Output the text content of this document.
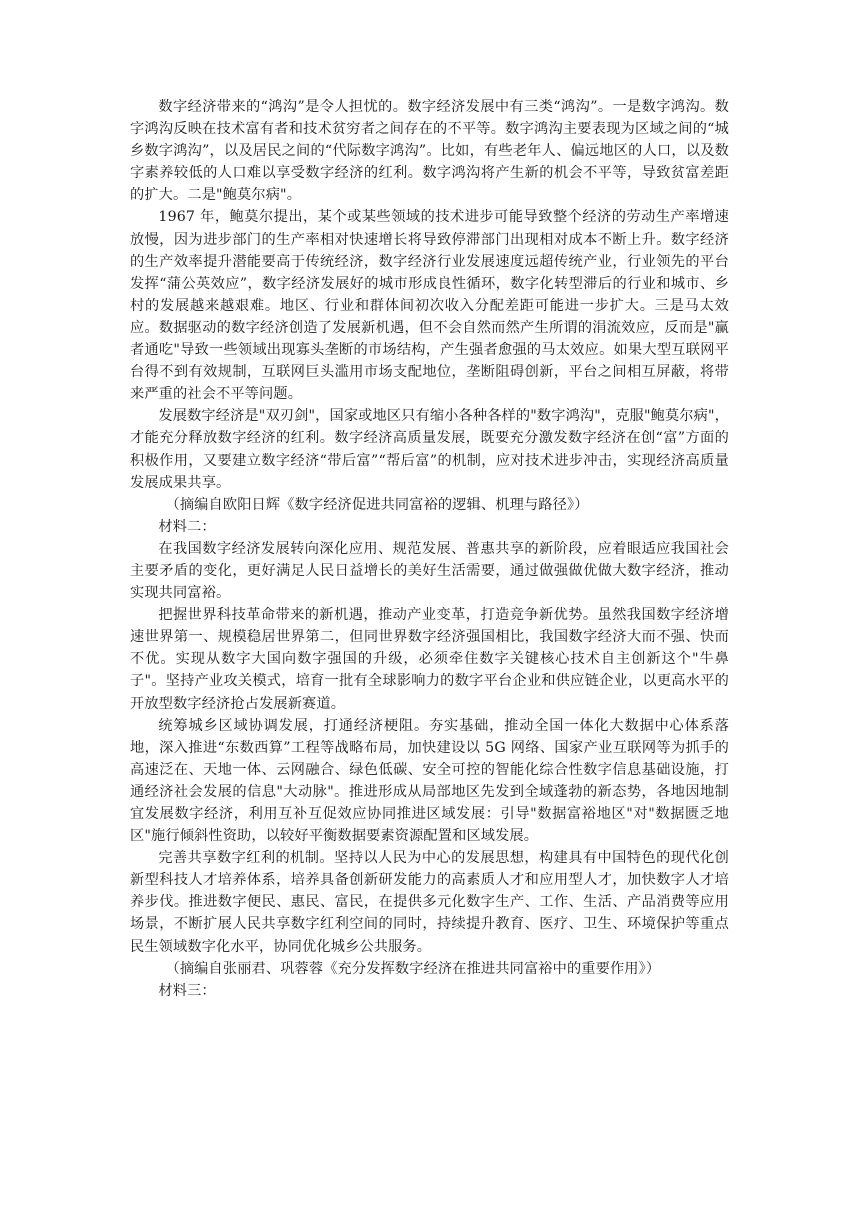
数字经济带来的“鸿沟”是令人担忧的。数字经济发展中有三类“鸿沟”。一是数字鸿沟。数字鸿沟反映在技术富有者和技术贫穷者之间存在的不平等。数字鸿沟主要表现为区域之间的“城乡数字鸿沟”，以及居民之间的“代际数字鸿沟”。比如，有些老年人、偏远地区的人口，以及数字素养较低的人口难以享受数字经济的红利。数字鸿沟将产生新的机会不平等，导致贫富差距的扩大。二是"鲍莫尔病"。

1967 年，鲍莫尔提出，某个或某些领域的技术进步可能导致整个经济的劳动生产率增速放慢，因为进步部门的生产率相对快速增长将导致停滞部门出现相对成本不断上升。数字经济的生产效率提升潜能要高于传统经济，数字经济行业发展速度远超传统产业，行业领先的平台发挥“蒲公英效应”，数字经济发展好的城市形成良性循环，数字化转型滞后的行业和城市、乡村的发展越来越艰难。地区、行业和群体间初次收入分配差距可能进一步扩大。三是马太效应。数据驱动的数字经济创造了发展新机遇，但不会自然而然产生所谓的涓流效应，反而是"赢者通吃"导致一些领域出现寡头垄断的市场结构，产生强者愈强的马太效应。如果大型互联网平台得不到有效规制，互联网巨头滥用市场支配地位，垄断阻碍创新，平台之间相互屏蔽，将带来严重的社会不平等问题。

发展数字经济是"双刃剑"，国家或地区只有缩小各种各样的"数字鸿沟"，克服"鲍莫尔病"，才能充分释放数字经济的红利。数字经济高质量发展，既要充分激发数字经济在创“富”方面的积极作用，又要建立数字经济“带后富”“帮后富”的机制，应对技术进步冲击，实现经济高质量发展成果共享。

（摘编自欧阳日辉《数字经济促进共同富裕的逻辑、机理与路径》）

材料二：

在我国数字经济发展转向深化应用、规范发展、普惠共享的新阶段，应着眼适应我国社会主要矛盾的变化，更好满足人民日益增长的美好生活需要，通过做强做优做大数字经济，推动实现共同富裕。

把握世界科技革命带来的新机遇，推动产业变革，打造竞争新优势。虽然我国数字经济增速世界第一、规模稳居世界第二，但同世界数字经济强国相比，我国数字经济大而不强、快而不优。实现从数字大国向数字强国的升级，必须牵住数字关键核心技术自主创新这个"牛鼻子"。坚持产业攻关模式，培育一批有全球影响力的数字平台企业和供应链企业，以更高水平的开放型数字经济抢占发展新赛道。

统筹城乡区域协调发展，打通经济梗阻。夯实基础，推动全国一体化大数据中心体系落地，深入推进“东数西算”工程等战略布局，加快建设以 5G 网络、国家产业互联网等为抓手的高速泛在、天地一体、云网融合、绿色低碳、安全可控的智能化综合性数字信息基础设施，打通经济社会发展的信息"大动脉"。推进形成从局部地区先发到全域蓬勃的新态势，各地因地制宜发展数字经济，利用互补互促效应协同推进区域发展：引导"数据富裕地区"对"数据匮乏地区"施行倾斜性资助，以较好平衡数据要素资源配置和区域发展。

完善共享数字红利的机制。坚持以人民为中心的发展思想，构建具有中国特色的现代化创新型科技人才培养体系，培养具备创新研发能力的高素质人才和应用型人才，加快数字人才培养步伐。推进数字便民、惠民、富民，在提供多元化数字生产、工作、生活、产品消费等应用场景，不断扩展人民共享数字红利空间的同时，持续提升教育、医疗、卫生、环境保护等重点民生领域数字化水平，协同优化城乡公共服务。

（摘编自张丽君、巩蓉蓉《充分发挥数字经济在推进共同富裕中的重要作用》）

材料三：
